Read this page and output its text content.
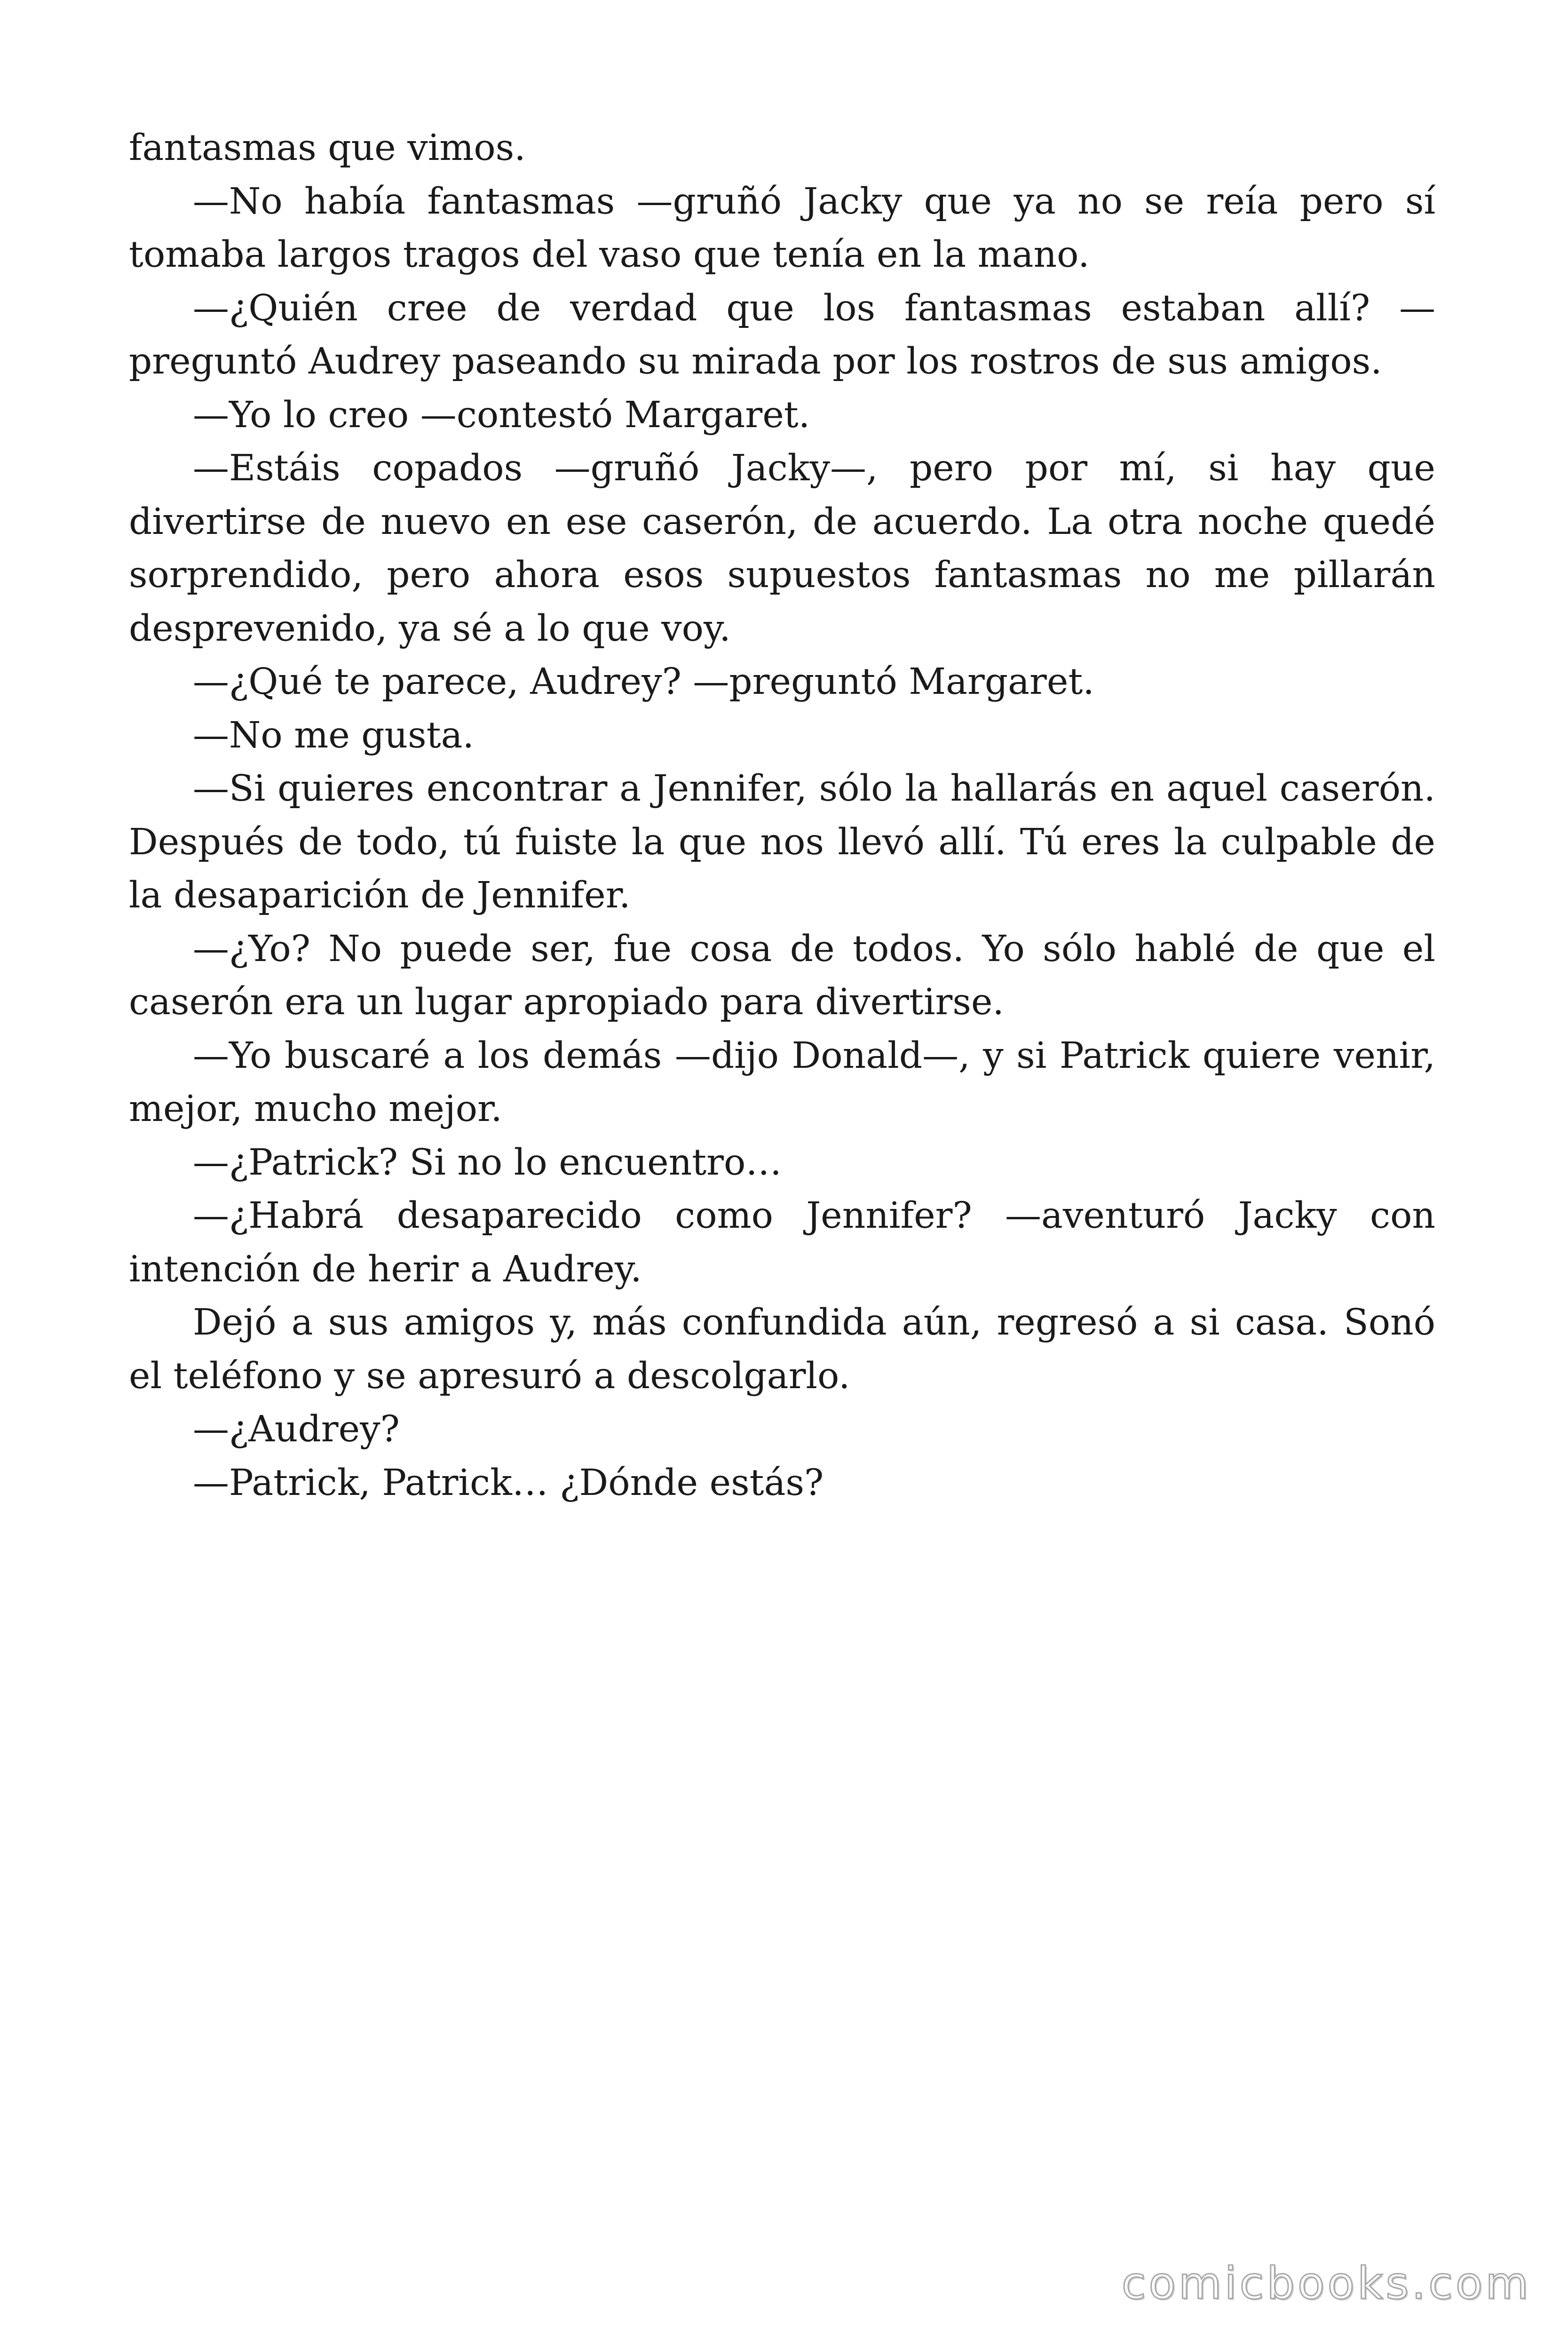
fantasmas que vimos.

—No había fantasmas —gruñó Jacky que ya no se reía pero sí tomaba largos tragos del vaso que tenía en la mano.

—¿Quién cree de verdad que los fantasmas estaban allí? — preguntó Audrey paseando su mirada por los rostros de sus amigos.

—Yo lo creo —contestó Margaret.

—Estáis copados —gruñó Jacky—, pero por mí, si hay que divertirse de nuevo en ese caserón, de acuerdo. La otra noche quedé sorprendido, pero ahora esos supuestos fantasmas no me pillarán desprevenido, ya sé a lo que voy.

—¿Qué te parece, Audrey? —preguntó Margaret.

—No me gusta.

—Si quieres encontrar a Jennifer, sólo la hallarás en aquel caserón. Después de todo, tú fuiste la que nos llevó allí. Tú eres la culpable de la desaparición de Jennifer.

—¿Yo? No puede ser, fue cosa de todos. Yo sólo hablé de que el caserón era un lugar apropiado para divertirse.

—Yo buscaré a los demás —dijo Donald—, y si Patrick quiere venir, mejor, mucho mejor.

—¿Patrick? Si no lo encuentro…

—¿Habrá desaparecido como Jennifer? —aventuró Jacky con intención de herir a Audrey.

Dejó a sus amigos y, más confundida aún, regresó a si casa. Sonó el teléfono y se apresuró a descolgarlo.

—¿Audrey?

—Patrick, Patrick… ¿Dónde estás?

comicbooks.com
